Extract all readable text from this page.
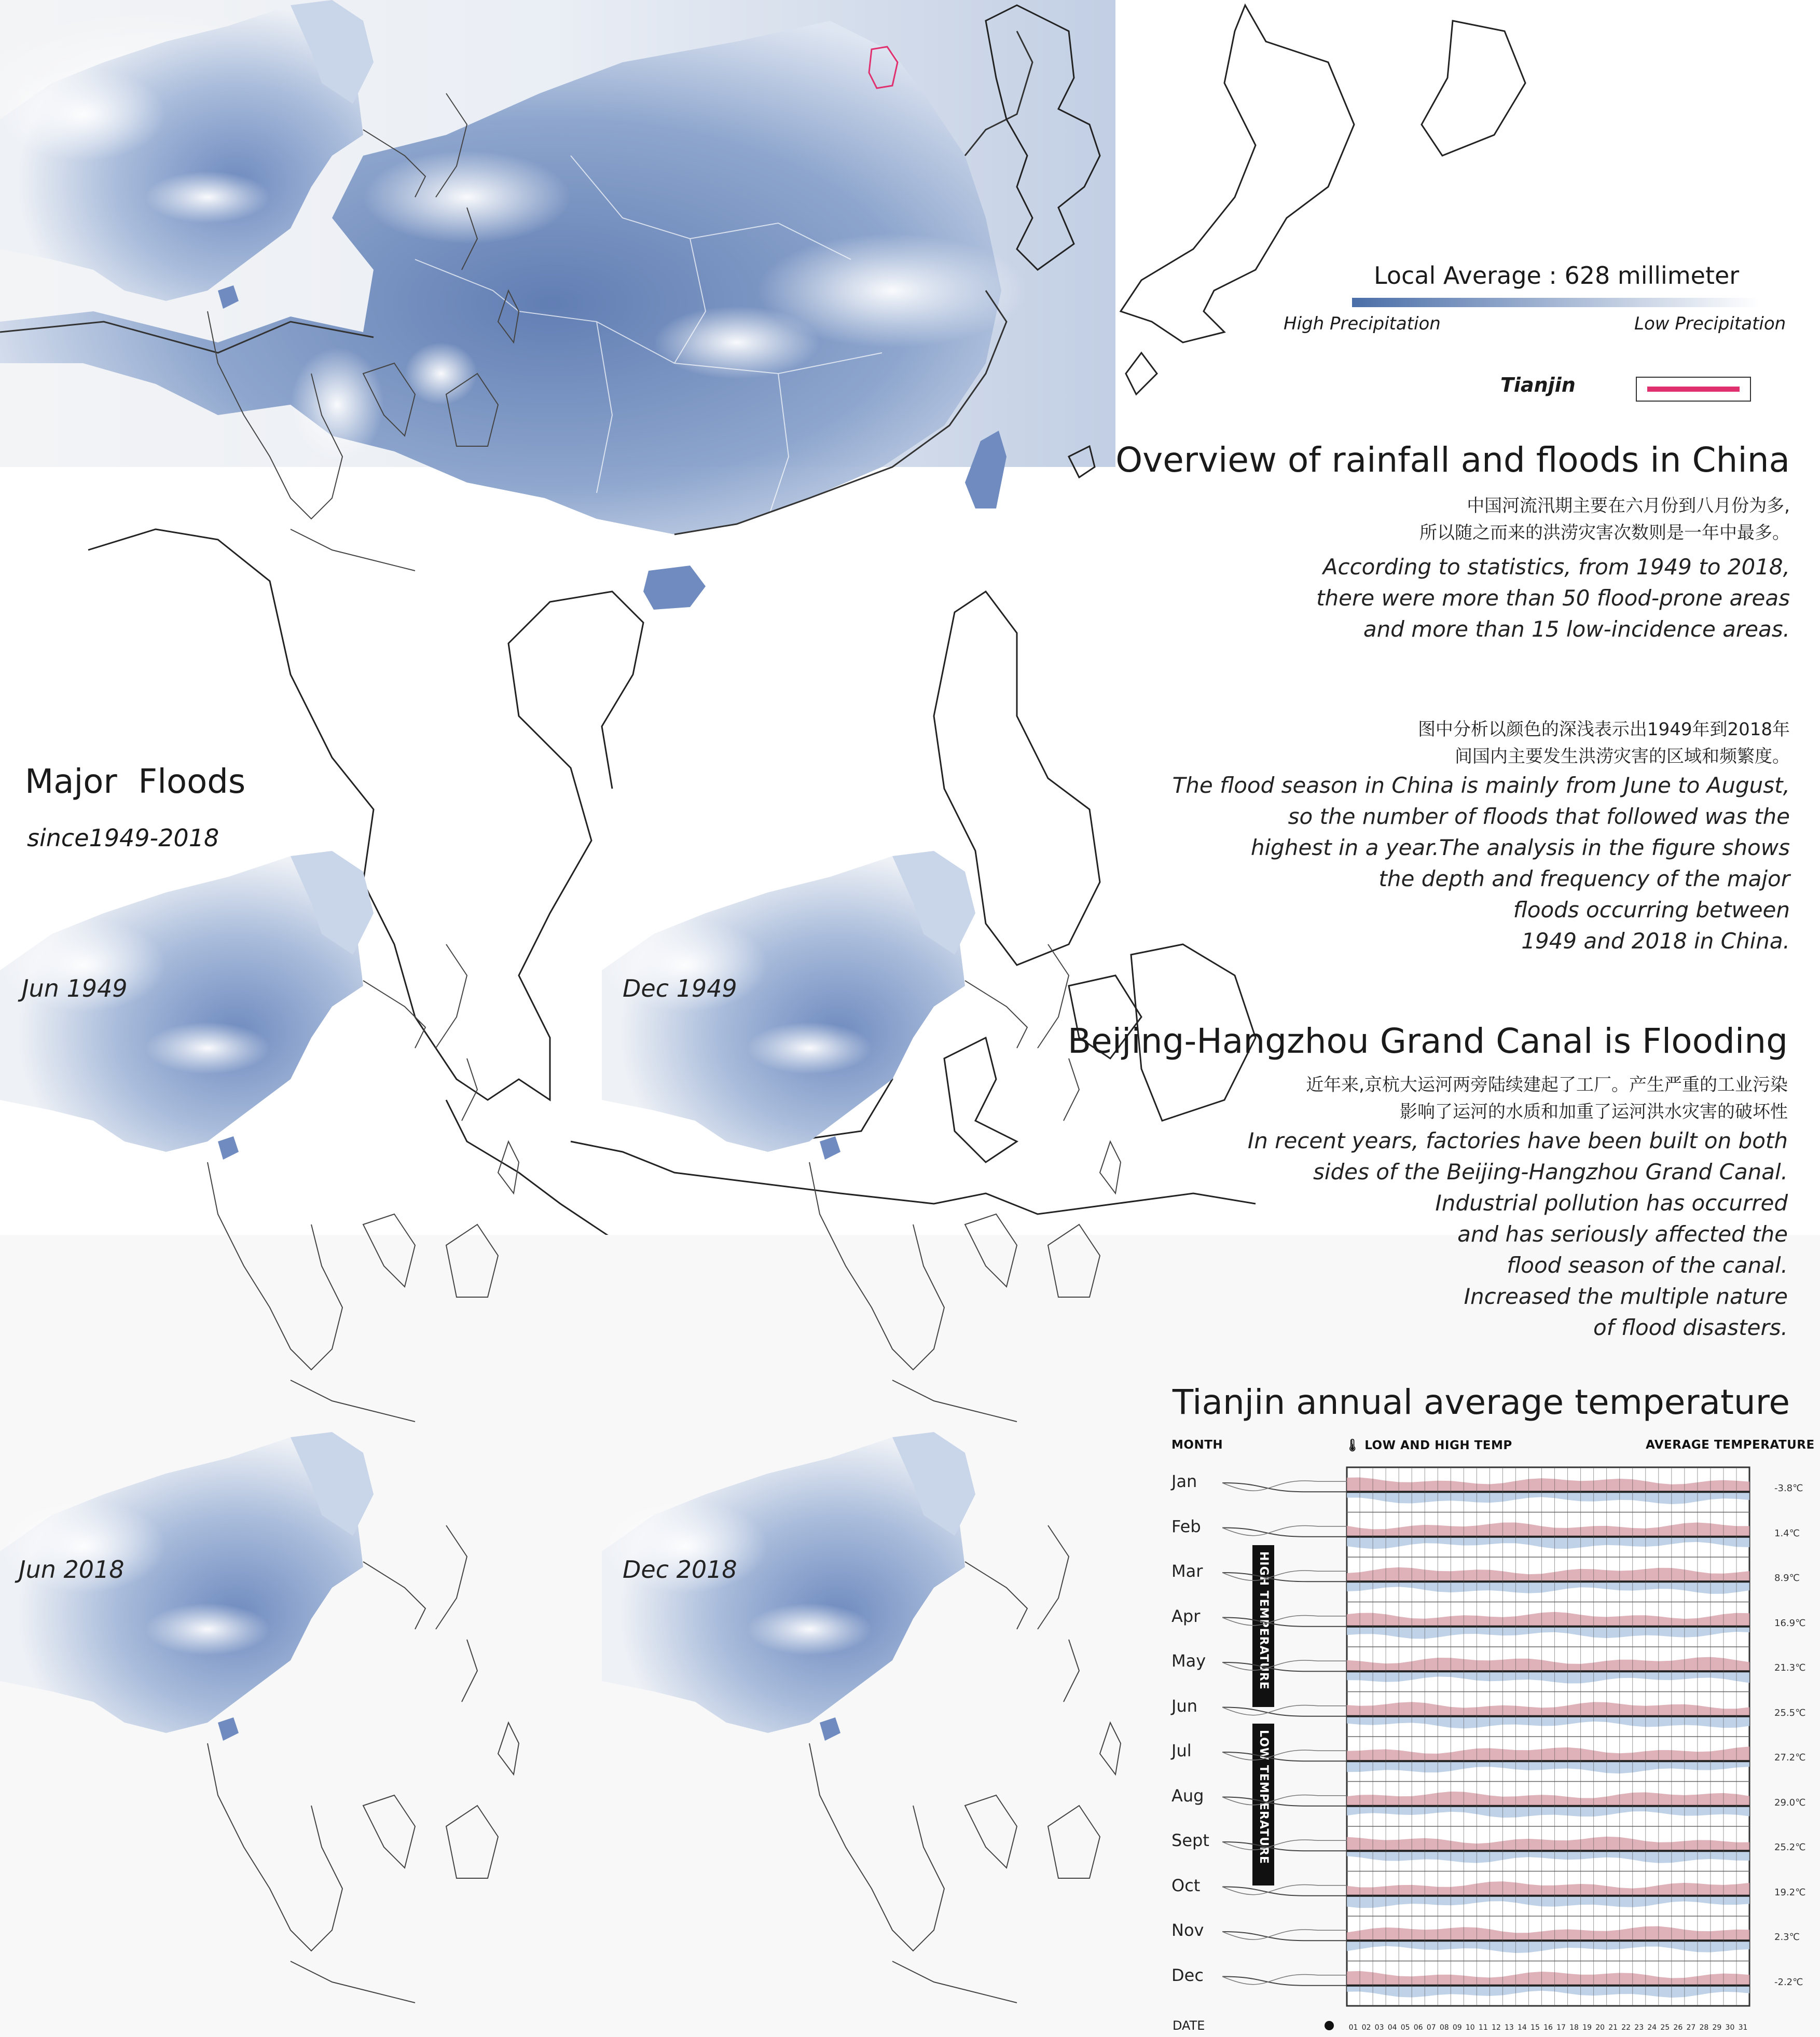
Local Average : 628 millimeter
High Precipitation	Low Precipitation
Tianjin
Overview of rainfall and floods in China
中国河流汛期主要在六月份到八月份为多,
所以随之而来的洪涝灾害次数则是一年中最多。
According to statistics, from 1949 to 2018,
there were more than 50 flood-prone areas
and more than 15 low-incidence areas.
图中分析以颜色的深浅表示出1949年到2018年
间国内主要发生洪涝灾害的区域和频繁度。
The flood season in China is mainly from June to August,
so the number of floods that followed was the
highest in a year.The analysis in the figure shows
the depth and frequency of the major
floods occurring between
1949 and 2018 in China.
Major  Floods
since1949-2018
Jun 1949	Dec 1949
Jun 2018	Dec 2018
Beijing-Hangzhou Grand Canal is Flooding
近年来,京杭大运河两旁陆续建起了工厂。产生严重的工业污染
影响了运河的水质和加重了运河洪水灾害的破坏性
In recent years, factories have been built on both
sides of the Beijing-Hangzhou Grand Canal.
Industrial pollution has occurred
and has seriously affected the
flood season of the canal.
Increased the multiple nature
of flood disasters.
Tianjin annual average temperature
MONTH	🌡 LOW AND HIGH TEMP	AVERAGE TEMPERATURE
Jan	-3.8℃
Feb	1.4℃
Mar	8.9℃
Apr	16.9℃
May	21.3℃
Jun	25.5℃
Jul	27.2℃
Aug	29.0℃
Sept	25.2℃
Oct	19.2℃
Nov	2.3℃
Dec	-2.2℃
HIGH TEMPERATURE
LOW TEMPERATURE
01 02 03 04 05 06 07 08 09 10 11 12 13 14 15 16 17 18 19 20 21 22 23 24 25 26 27 28 29 30 31
DATE
